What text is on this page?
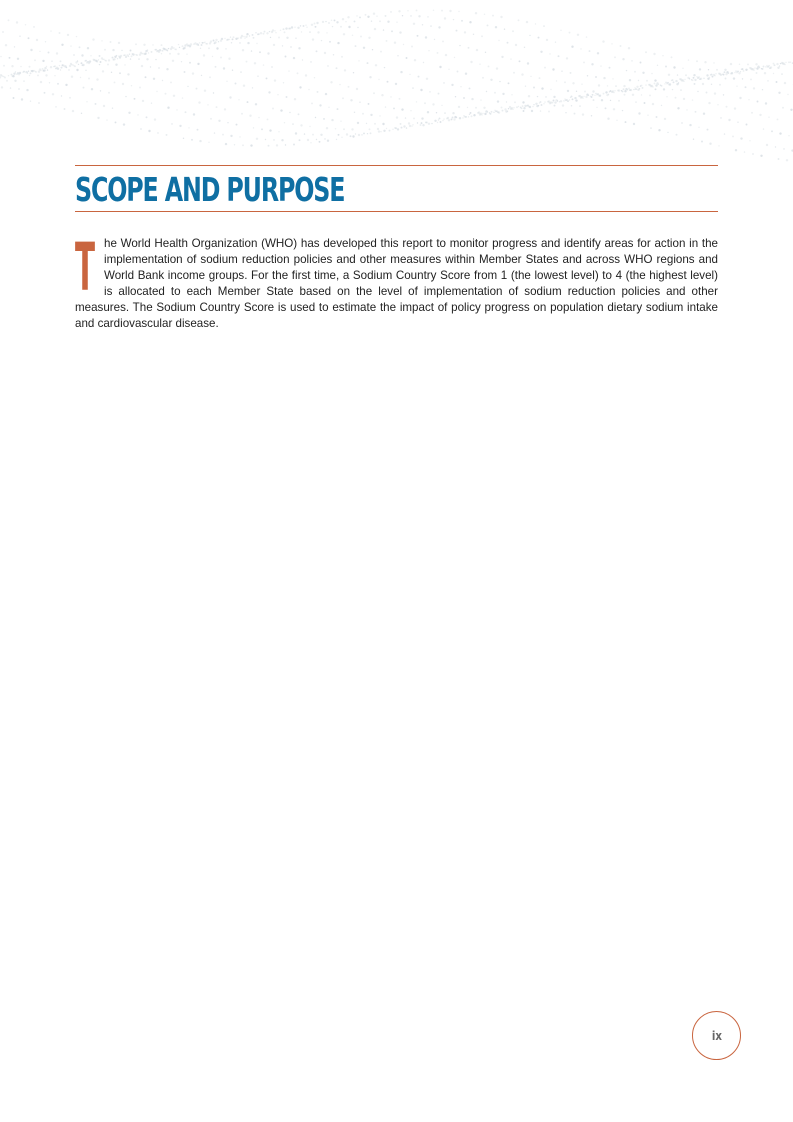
SCOPE AND PURPOSE

T he World Health Organization (WHO) has developed this report to monitor progress and identify areas for action in the implementation of sodium reduction policies and other measures within Member States and across WHO regions and World Bank income groups. For the first time, a Sodium Country Score from 1 (the lowest level) to 4 (the highest level) is allocated to each Member State based on the level of implementation of sodium reduction policies and other measures. The Sodium Country Score is used to estimate the impact of policy progress on population dietary sodium intake and cardiovascular disease.

ix
